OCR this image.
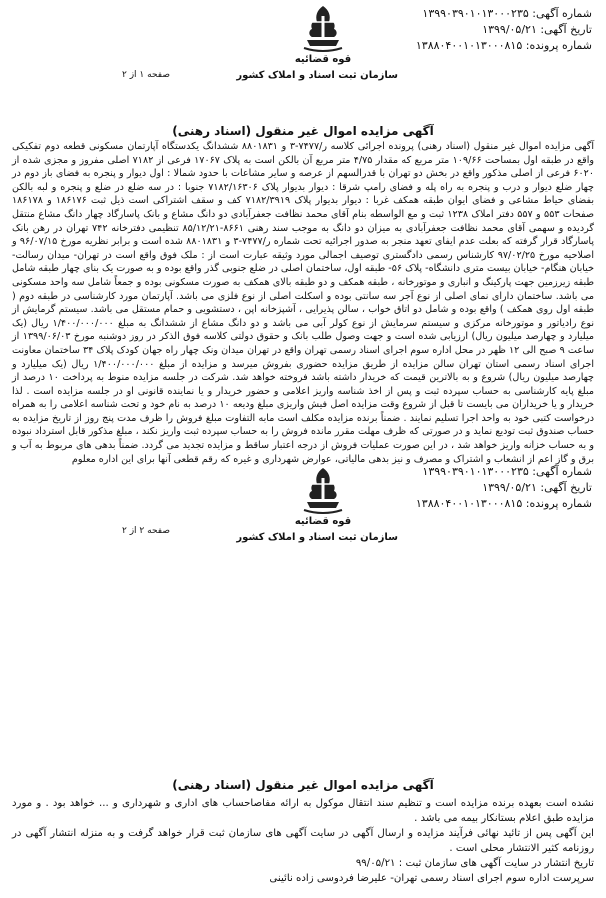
شماره آگهی: ۱۳۹۹۰۳۹۰۱۰۱۳۰۰۰۲۳۵
تاریخ آگهی: ۱۳۹۹/۰۵/۲۱
شماره پرونده: ۱۳۸۸۰۴۰۰۱۰۱۳۰۰۰۸۱۵
قوه قضائیه
سازمان ثبت اسناد و املاک کشور
صفحه ۱ از ۲
آگهی مزایده اموال غیر منقول (اسناد رهنی)

آگهی مزایده اموال غیر منقول (اسناد رهنی) پرونده اجرائی کلاسه ر/۷۴۷۷-۳ و ۸۸۰۱۸۳۱ ششدانگ یکدستگاه آپارتمان مسکونی قطعه دوم تفکیکی واقع در طبقه اول بمساحت ۱۰۹/۶۶ متر مربع که مقدار ۴/۷۵ متر مربع آن بالکن است به پلاک ۱۷۰۶۷ فرعی از ۷۱۸۲ اصلی مفروز و مجزی شده از ۶۰۲۰ فرعی از اصلی مذکور واقع در بخش دو تهران با قدرالسهم از عرصه و سایر مشاعات با حدود شمالا : اول دیوار و پنجره به فضای باز دوم در چهار ضلع دیوار و درب و پنجره به راه پله و فضای رامپ شرقا : دیوار بدیوار پلاک ۷۱۸۲/۱۶۳۰۶ جنوبا : در سه ضلع در ضلع و پنجره و لبه بالکن بفضای حیاط مشاعی و فضای ایوان طبقه همکف غربا : دیوار بدیوار پلاک ۷۱۸۲/۳۹۱۹ کف و سقف اشتراکی است ذیل ثبت ۱۸۶۱۷۶ و ۱۸۶۱۷۸ صفحات ۵۵۳ و ۵۵۷ دفتر املاک ۱۲۳۸ ثبت و مع الواسطه بنام آقای محمد نظافت جعفرآبادی دو دانگ مشاع و بانک پاسارگاد چهار دانگ مشاع منتقل گردیده و سهمی آقای محمد نظافت جعفرآبادی به میزان دو دانگ به موجب سند رهنی ۸۶۶۱-۸۵/۱۲/۲۱ تنظیمی دفترخانه ۷۴۲ تهران در رهن بانک پاسارگاد قرار گرفته که بعلت عدم ایفای تعهد منجر به صدور اجرائیه تحت شماره ر/۷۴۷۷-۳ و ۸۸۰۱۸۳۱ شده است و برابر نظریه مورخ ۹۶/۰۷/۱۵ و اصلاحیه مورخ ۹۷/۰۲/۲۵ کارشناس رسمی دادگستری توصیف اجمالی مورد وثیقه عبارت است از : ملک فوق واقع است در تهران- میدان رسالت- خیابان هنگام- خیابان بیست متری دانشگاه- پلاک ۵۶- طبقه اول، ساختمان اصلی در ضلع جنوبی گذر واقع بوده و به صورت یک بنای چهار طبقه شامل طبقه زیرزمین جهت پارکینگ و انباری و موتورخانه ، طبقه همکف و دو طبقه بالای همکف به صورت مسکونی بوده و جمعاً شامل سه واحد مسکونی می باشد. ساختمان دارای نمای اصلی از نوع آجر سه سانتی بوده و اسکلت اصلی از نوع فلزی می باشد. آپارتمان مورد کارشناسی در طبقه دوم ( طبقه اول روی همکف ) واقع بوده و شامل دو اتاق خواب ، سالن پذیرایی ، آشپزخانه اپن ، دستشویی و حمام مستقل می باشد. سیستم گرمایش از نوع رادیاتور و موتورخانه مرکزی و سیستم سرمایش از نوع کولر آبی می باشد و دو دانگ مشاع از ششدانگ به مبلغ ۱/۴۰۰/۰۰۰/۰۰۰ ریال (یک میلیارد و چهارصد میلیون ریال) ارزیابی شده است و جهت وصول طلب بانک و حقوق دولتی کلاسه فوق الذکر در روز دوشنبه مورخ ۱۳۹۹/۰۶/۰۳ از ساعت ۹ صبح الی ۱۲ ظهر در محل اداره سوم اجرای اسناد رسمی تهران واقع در تهران میدان ونک چهار راه جهان کودک پلاک ۳۴ ساختمان معاونت اجرای اسناد رسمی استان تهران سالن مزایده از طریق مزایده حضوری بفروش میرسد و مزایده از مبلغ ۱/۴۰۰/۰۰۰/۰۰۰ ریال (یک میلیارد و چهارصد میلیون ریال) شروع و به بالاترین قیمت که خریدار داشته باشد فروخته خواهد شد. شرکت در جلسه مزایده منوط به پرداخت ۱۰ درصد از مبلغ پایه کارشناسی به حساب سپرده ثبت و پس از اخذ شناسه واریز اعلامی و حضور خریدار و یا نماینده قانونی او در جلسه مزایده است . لذا خریدار و یا خریداران می بایست تا قبل از شروع وقت مزایده اصل فیش واریزی مبلغ ودیعه ۱۰ درصد به نام خود و تحت شناسه اعلامی را به همراه درخواست کتبی خود به واحد اجرا تسلیم نمایند . ضمناً برنده مزایده مکلف است مابه التفاوت مبلغ فروش را ظرف مدت پنج روز از تاریخ مزایده به حساب صندوق ثبت تودیع نماید و در صورتی که ظرف مهلت مقرر مانده فروش را به حساب سپرده ثبت واریز نکند ، مبلغ مذکور قابل استرداد نبوده و به حساب خزانه واریز خواهد شد ، در این صورت عملیات فروش از درجه اعتبار ساقط و مزایده تجدید می گردد. ضمناً بدهی های مربوط به آب و برق و گاز اعم از انشعاب و اشتراک و مصرف و نیز بدهی مالیاتی، عوارض شهرداری و غیره که رقم قطعی آنها برای این اداره معلوم

شماره آگهی: ۱۳۹۹۰۳۹۰۱۰۱۳۰۰۰۲۳۵
تاریخ آگهی: ۱۳۹۹/۰۵/۲۱
شماره پرونده: ۱۳۸۸۰۴۰۰۱۰۱۳۰۰۰۸۱۵
قوه قضائیه
سازمان ثبت اسناد و املاک کشور
صفحه ۲ از ۲
آگهی مزایده اموال غیر منقول (اسناد رهنی)

نشده است بعهده برنده مزایده است و تنظیم سند انتقال موکول به ارائه مفاصاحساب های اداری و شهرداری و ... خواهد بود . و مورد مزایده طبق اعلام بستانکار بیمه می باشد .

این آگهی پس از تائید نهائی فرآیند مزایده و ارسال آگهی در سایت آگهی های سازمان ثبت قرار خواهد گرفت و به منزله انتشار آگهی در روزنامه کثیر الانتشار محلی است .

تاریخ انتشار در سایت آگهی های سازمان ثبت : ۹۹/۰۵/۲۱

سرپرست اداره سوم اجرای اسناد رسمی تهران- علیرضا فردوسی زاده نائینی
